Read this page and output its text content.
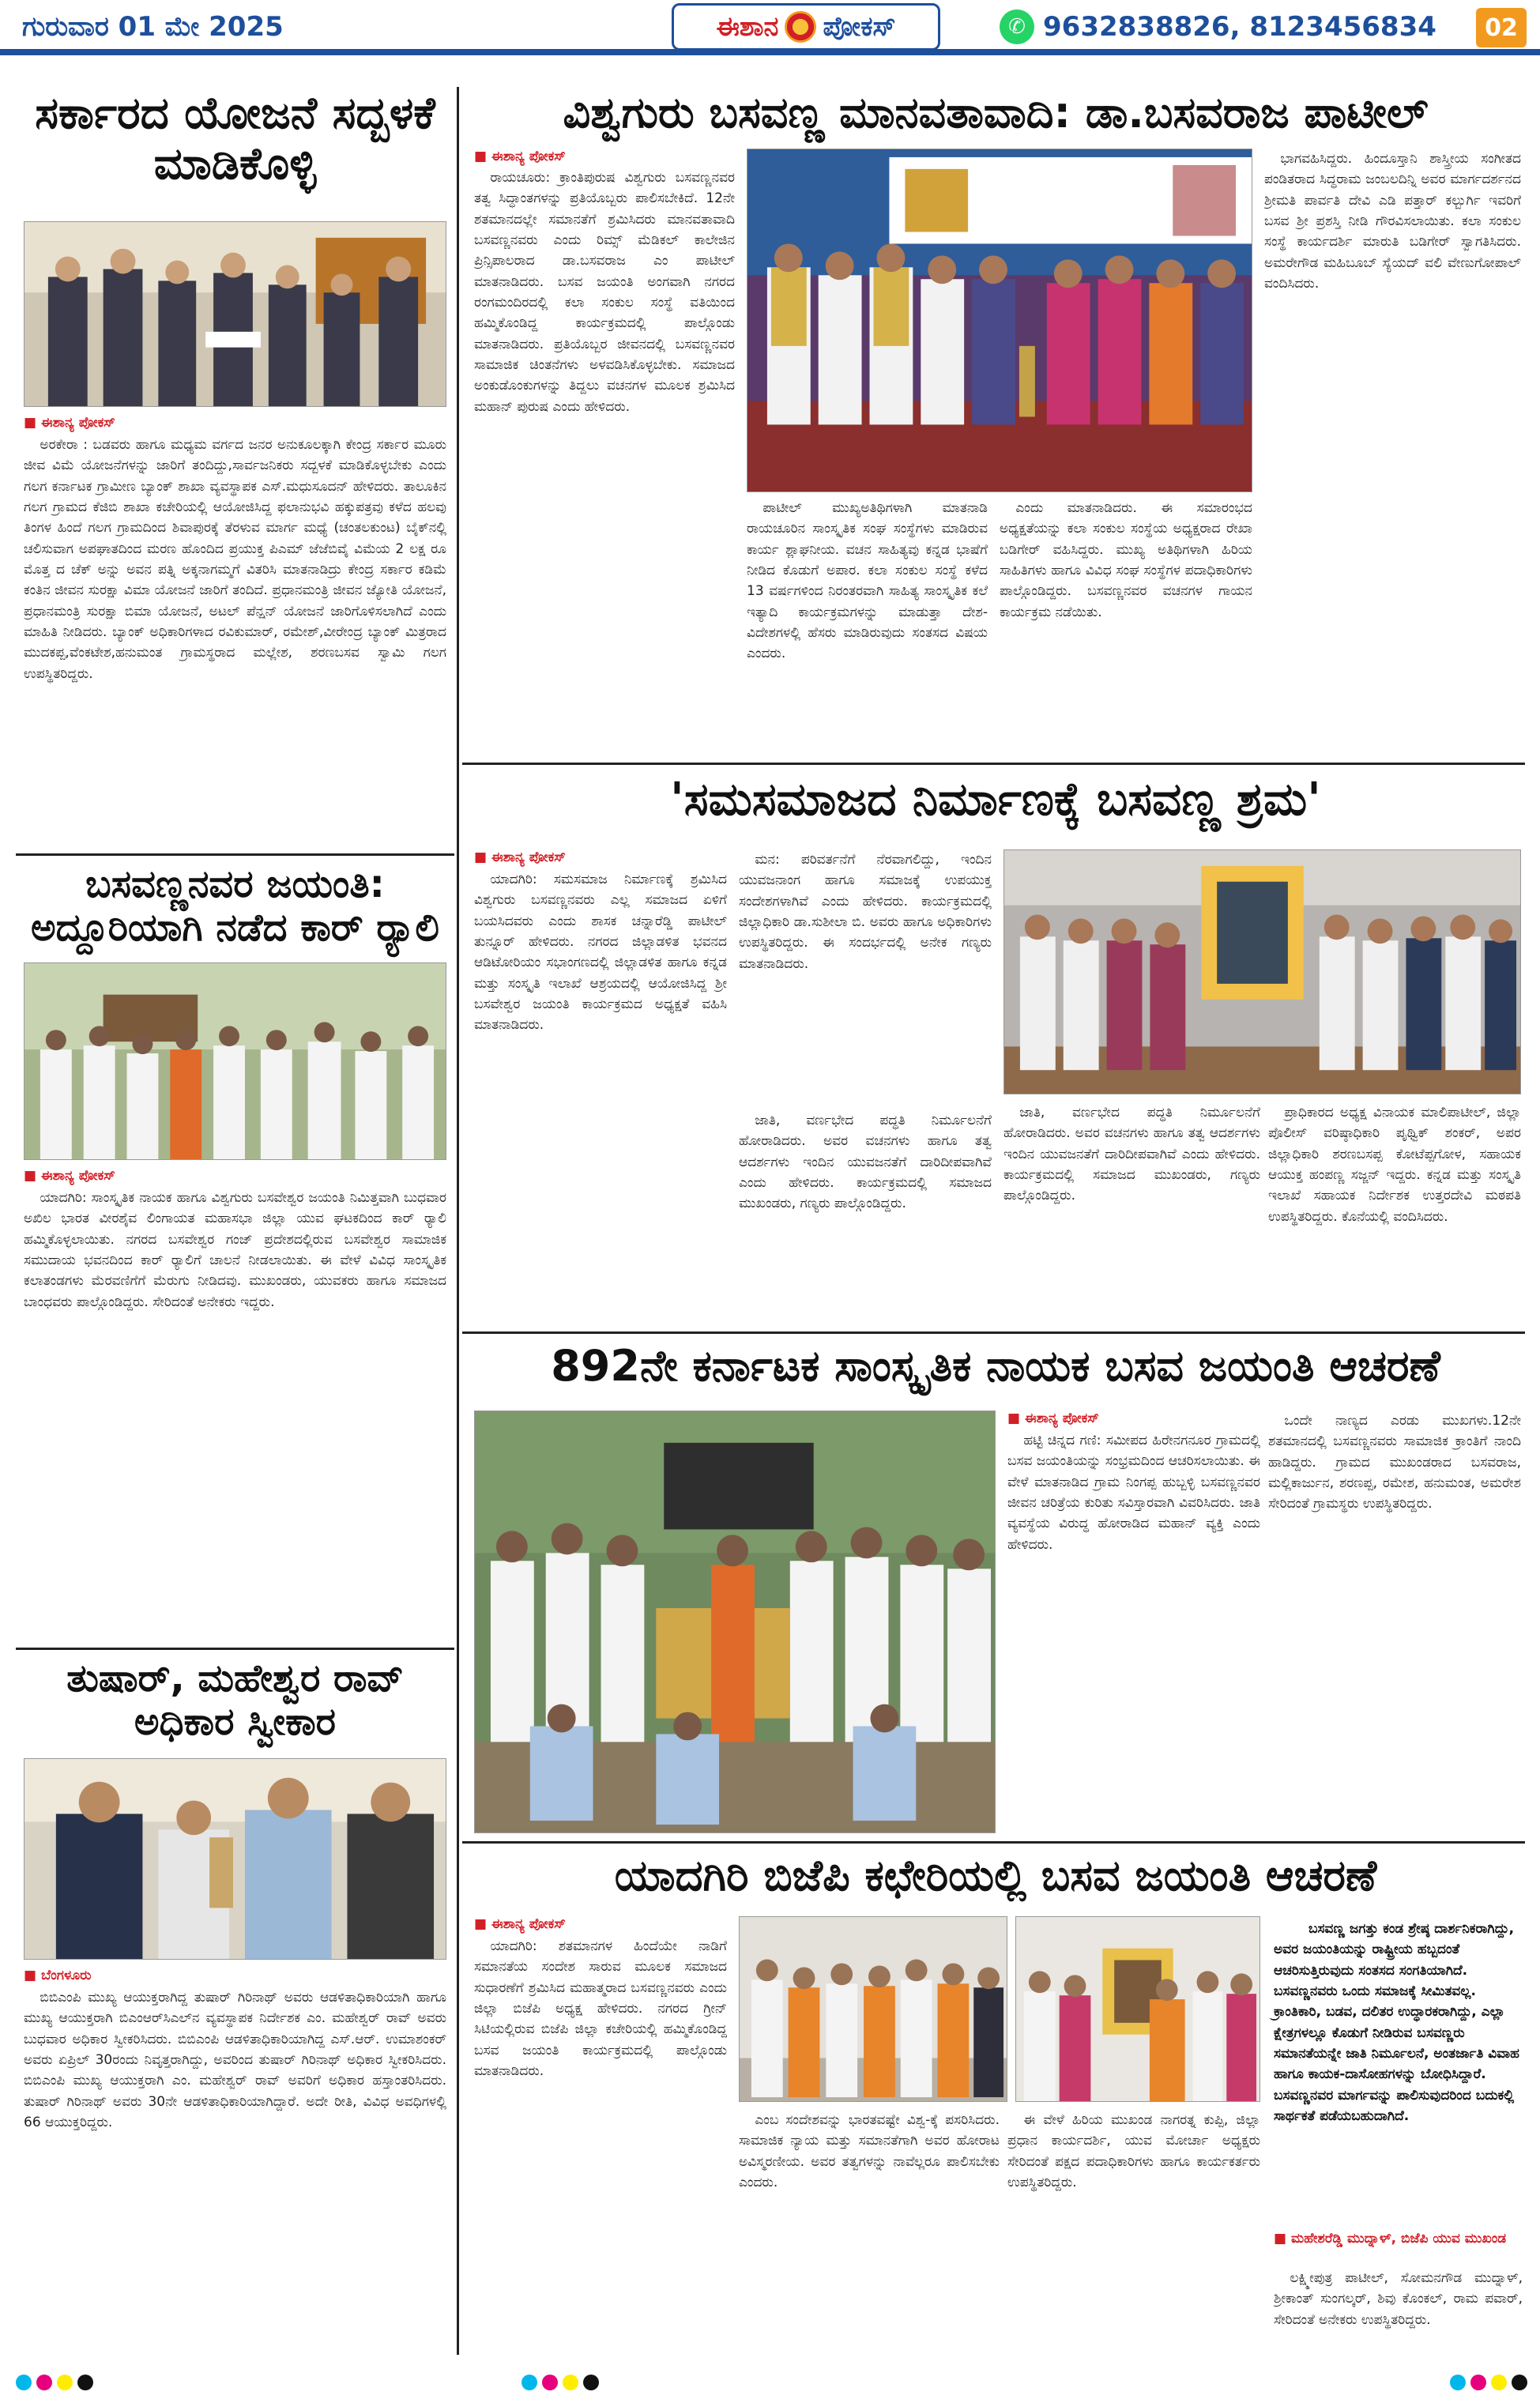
ಗುರುವಾರ 01 ಮೇ 2025	ಈಶಾನ ಪೋಕಸ್	✆ 9632838826, 8123456834	02
ಸರ್ಕಾರದ ಯೋಜನೆ ಸದ್ಬಳಕೆ ಮಾಡಿಕೊಳ್ಳಿ
■ ಈಶಾನ್ಯ ಪೋಕಸ್

ಅರಕೇರಾ : ಬಡವರು ಹಾಗೂ ಮಧ್ಯಮ ವರ್ಗದ ಜನರ ಅನುಕೂಲಕ್ಕಾಗಿ ಕೇಂದ್ರ ಸರ್ಕಾರ ಮೂರು ಜೀವ ವಿಮೆ ಯೋಜನೆಗಳನ್ನು ಜಾರಿಗೆ ತಂದಿದ್ದು,ಸಾರ್ವಜನಿಕರು ಸದ್ಬಳಕೆ ಮಾಡಿಕೊಳ್ಳಬೇಕು ಎಂದು ಗಲಗ ಕರ್ನಾಟಕ ಗ್ರಾಮೀಣ ಬ್ಯಾಂಕ್ ಶಾಖಾ ವ್ಯವಸ್ಥಾಪಕ ಎಸ್.ಮಧುಸೂದನ್ ಹೇಳಿದರು. ತಾಲೂಕಿನ ಗಲಗ ಗ್ರಾಮದ ಕೆಜಿಬಿ ಶಾಖಾ ಕಚೇರಿಯಲ್ಲಿ ಆಯೋಜಿಸಿದ್ದ ಫಲಾನುಭವಿ ಹಕ್ಕುಪತ್ರವು ಕಳೆದ ಹಲವು ತಿಂಗಳ ಹಿಂದೆ ಗಲಗ ಗ್ರಾಮದಿಂದ ಶಿವಾಪುರಕ್ಕೆ ತೆರಳುವ ಮಾರ್ಗ ಮಧ್ಯೆ (ಚಂತಲಕುಂಟ) ಬೈಕ್‌ನಲ್ಲಿ ಚಲಿಸುವಾಗ ಅಪಘಾತದಿಂದ ಮರಣ ಹೊಂದಿದ ಪ್ರಯುಕ್ತ ಪಿಎಮ್ ಜೆಜೆಬಿವೈ ವಿಮೆಯ 2 ಲಕ್ಷ ರೂ ಮೊತ್ತ ದ ಚೆಕ್ ಅನ್ನು ಅವನ ಪತ್ನಿ ಅಕ್ಕನಾಗಮ್ಮಗೆ ವಿತರಿಸಿ ಮಾತನಾಡಿದ್ರು ಕೇಂದ್ರ ಸರ್ಕಾರ ಕಡಿಮೆ ಕಂತಿನ ಜೀವನ ಸುರಕ್ಷಾ ವಿಮಾ ಯೋಜನೆ ಜಾರಿಗೆ ತಂದಿದೆ. ಪ್ರಧಾನಮಂತ್ರಿ ಜೀವನ ಜ್ಯೋತಿ ಯೋಜನೆ, ಪ್ರಧಾನಮಂತ್ರಿ ಸುರಕ್ಷಾ ಬಿಮಾ ಯೋಜನೆ, ಅಟಲ್ ಪೆನ್ಷನ್ ಯೋಜನೆ ಜಾರಿಗೊಳಿಸಲಾಗಿದೆ ಎಂದು ಮಾಹಿತಿ ನೀಡಿದರು. ಬ್ಯಾಂಕ್ ಅಧಿಕಾರಿಗಳಾದ ರವಿಕುಮಾರ್, ರಮೇಶ್,ವೀರೇಂದ್ರ ಬ್ಯಾಂಕ್ ಮಿತ್ರರಾದ ಮುದಕಪ್ಪ,ವೆಂಕಟೇಶ,ಹನುಮಂತ ಗ್ರಾಮಸ್ಥರಾದ ಮಲ್ಲೇಶ, ಶರಣಬಸವ ಸ್ವಾಮಿ ಗಲಗ ಉಪಸ್ಥಿತರಿದ್ದರು.

ಬಸವಣ್ಣನವರ ಜಯಂತಿ: ಅದ್ದೂರಿಯಾಗಿ ನಡೆದ ಕಾರ್ ರ‍್ಯಾಲಿ
■ ಈಶಾನ್ಯ ಪೋಕಸ್

ಯಾದಗಿರಿ: ಸಾಂಸ್ಕೃತಿಕ ನಾಯಕ ಹಾಗೂ ವಿಶ್ವಗುರು ಬಸವೇಶ್ವರ ಜಯಂತಿ ನಿಮಿತ್ತವಾಗಿ ಬುಧವಾರ ಅಖಿಲ ಭಾರತ ವೀರಶೈವ ಲಿಂಗಾಯತ ಮಹಾಸಭಾ ಜಿಲ್ಲಾ ಯುವ ಘಟಕದಿಂದ ಕಾರ್ ರ‍್ಯಾಲಿ ಹಮ್ಮಿಕೊಳ್ಳಲಾಯಿತು. ನಗರದ ಬಸವೇಶ್ವರ ಗಂಜ್ ಪ್ರದೇಶದಲ್ಲಿರುವ ಬಸವೇಶ್ವರ ಸಾಮಾಜಿಕ ಸಮುದಾಯ ಭವನದಿಂದ ಕಾರ್ ರ‍್ಯಾಲಿಗೆ ಚಾಲನೆ ನೀಡಲಾಯಿತು. ಈ ವೇಳೆ ವಿವಿಧ ಸಾಂಸ್ಕೃತಿಕ ಕಲಾತಂಡಗಳು ಮೆರವಣಿಗೆಗೆ ಮೆರುಗು ನೀಡಿದವು. ಮುಖಂಡರು, ಯುವಕರು ಹಾಗೂ ಸಮಾಜದ ಬಾಂಧವರು ಪಾಲ್ಗೊಂಡಿದ್ದರು. ಸೇರಿದಂತೆ ಅನೇಕರು ಇದ್ದರು.

ತುಷಾರ್, ಮಹೇಶ್ವರ ರಾವ್ ಅಧಿಕಾರ ಸ್ವೀಕಾರ
■ ಬೆಂಗಳೂರು

ಬಿಬಿಎಂಪಿ ಮುಖ್ಯ ಆಯುಕ್ತರಾಗಿದ್ದ ತುಷಾರ್ ಗಿರಿನಾಥ್ ಅವರು ಆಡಳಿತಾಧಿಕಾರಿಯಾಗಿ ಹಾಗೂ ಮುಖ್ಯ ಆಯುಕ್ತರಾಗಿ ಬಿಎಂಆರ್‌ಸಿಎಲ್‌ನ ವ್ಯವಸ್ಥಾಪಕ ನಿರ್ದೇಶಕ ಎಂ. ಮಹೇಶ್ವರ್ ರಾವ್ ಅವರು ಬುಧವಾರ ಅಧಿಕಾರ ಸ್ವೀಕರಿಸಿದರು. ಬಿಬಿಎಂಪಿ ಆಡಳಿತಾಧಿಕಾರಿಯಾಗಿದ್ದ ಎಸ್.ಆರ್. ಉಮಾಶಂಕರ್ ಅವರು ಏಪ್ರಿಲ್ 30ರಂದು ನಿವೃತ್ತರಾಗಿದ್ದು, ಅವರಿಂದ ತುಷಾರ್ ಗಿರಿನಾಥ್ ಅಧಿಕಾರ ಸ್ವೀಕರಿಸಿದರು. ಬಿಬಿಎಂಪಿ ಮುಖ್ಯ ಆಯುಕ್ತರಾಗಿ ಎಂ. ಮಹೇಶ್ವರ್ ರಾವ್ ಅವರಿಗೆ ಅಧಿಕಾರ ಹಸ್ತಾಂತರಿಸಿದರು. ತುಷಾರ್ ಗಿರಿನಾಥ್ ಅವರು 30ನೇ ಆಡಳಿತಾಧಿಕಾರಿಯಾಗಿದ್ದಾರೆ. ಅದೇ ರೀತಿ, ವಿವಿಧ ಅವಧಿಗಳಲ್ಲಿ 66 ಆಯುಕ್ತರಿದ್ದರು.

ವಿಶ್ವಗುರು ಬಸವಣ್ಣ ಮಾನವತಾವಾದಿ: ಡಾ.ಬಸವರಾಜ ಪಾಟೀಲ್
■ ಈಶಾನ್ಯ ಪೋಕಸ್

ರಾಯಚೂರು: ಕ್ರಾಂತಿಪುರುಷ ವಿಶ್ವಗುರು ಬಸವಣ್ಣನವರ ತತ್ವ ಸಿದ್ಧಾಂತಗಳನ್ನು ಪ್ರತಿಯೊಬ್ಬರು ಪಾಲಿಸಬೇಕಿದೆ. 12ನೇ ಶತಮಾನದಲ್ಲೇ ಸಮಾನತೆಗೆ ಶ್ರಮಿಸಿದರು ಮಾನವತಾವಾದಿ ಬಸವಣ್ಣನವರು ಎಂದು ರಿಮ್ಸ್ ಮೆಡಿಕಲ್ ಕಾಲೇಜಿನ ಪ್ರಿನ್ಸಿಪಾಲರಾದ ಡಾ.ಬಸವರಾಜ ಎಂ ಪಾಟೀಲ್ ಮಾತನಾಡಿದರು. ಬಸವ ಜಯಂತಿ ಅಂಗವಾಗಿ ನಗರದ ರಂಗಮಂದಿರದಲ್ಲಿ ಕಲಾ ಸಂಕುಲ ಸಂಸ್ಥೆ ವತಿಯಿಂದ ಹಮ್ಮಿಕೊಂಡಿದ್ದ ಕಾರ್ಯಕ್ರಮದಲ್ಲಿ ಪಾಲ್ಗೊಂಡು ಮಾತನಾಡಿದರು. ಪ್ರತಿಯೊಬ್ಬರ ಜೀವನದಲ್ಲಿ ಬಸವಣ್ಣನವರ ಸಾಮಾಜಿಕ ಚಿಂತನೆಗಳು ಅಳವಡಿಸಿಕೊಳ್ಳಬೇಕು. ಸಮಾಜದ ಅಂಕುಡೊಂಕುಗಳನ್ನು ತಿದ್ದಲು ವಚನಗಳ ಮೂಲಕ ಶ್ರಮಿಸಿದ ಮಹಾನ್ ಪುರುಷ ಎಂದು ಹೇಳಿದರು.

ಪಾಟೀಲ್ ಮುಖ್ಯಅತಿಥಿಗಳಾಗಿ ಮಾತನಾಡಿ ರಾಯಚೂರಿನ ಸಾಂಸ್ಕೃತಿಕ ಸಂಘ ಸಂಸ್ಥೆಗಳು ಮಾಡಿರುವ ಕಾರ್ಯ ಶ್ಲಾಘನೀಯ. ವಚನ ಸಾಹಿತ್ಯವು ಕನ್ನಡ ಭಾಷೆಗೆ ನೀಡಿದ ಕೊಡುಗೆ ಅಪಾರ. ಕಲಾ ಸಂಕುಲ ಸಂಸ್ಥೆ ಕಳೆದ 13 ವರ್ಷಗಳಿಂದ ನಿರಂತರವಾಗಿ ಸಾಹಿತ್ಯ ಸಾಂಸ್ಕೃತಿಕ ಕಲೆ ಇತ್ಯಾದಿ ಕಾರ್ಯಕ್ರಮಗಳನ್ನು ಮಾಡುತ್ತಾ ದೇಶ-ವಿದೇಶಗಳಲ್ಲಿ ಹೆಸರು ಮಾಡಿರುವುದು ಸಂತಸದ ವಿಷಯ ಎಂದರು.

ಎಂದು ಮಾತನಾಡಿದರು. ಈ ಸಮಾರಂಭದ ಅಧ್ಯಕ್ಷತೆಯನ್ನು ಕಲಾ ಸಂಕುಲ ಸಂಸ್ಥೆಯ ಅಧ್ಯಕ್ಷರಾದ ರೇಖಾ ಬಡಿಗೇರ್ ವಹಿಸಿದ್ದರು. ಮುಖ್ಯ ಅತಿಥಿಗಳಾಗಿ ಹಿರಿಯ ಸಾಹಿತಿಗಳು ಹಾಗೂ ವಿವಿಧ ಸಂಘ ಸಂಸ್ಥೆಗಳ ಪದಾಧಿಕಾರಿಗಳು ಪಾಲ್ಗೊಂಡಿದ್ದರು. ಬಸವಣ್ಣನವರ ವಚನಗಳ ಗಾಯನ ಕಾರ್ಯಕ್ರಮ ನಡೆಯಿತು.

ಭಾಗವಹಿಸಿದ್ದರು. ಹಿಂದೂಸ್ತಾನಿ ಶಾಸ್ತ್ರೀಯ ಸಂಗೀತದ ಪಂಡಿತರಾದ ಸಿದ್ಧರಾಮ ಜಂಬಲದಿನ್ನಿ ಅವರ ಮಾರ್ಗದರ್ಶನದ ಶ್ರೀಮತಿ ಪಾರ್ವತಿ ದೇವಿ ಎಡಿ ಪತ್ತಾರ್ ಕಲ್ಬುರ್ಗಿ ಇವರಿಗೆ ಬಸವ ಶ್ರೀ ಪ್ರಶಸ್ತಿ ನೀಡಿ ಗೌರವಿಸಲಾಯಿತು. ಕಲಾ ಸಂಕುಲ ಸಂಸ್ಥೆ ಕಾರ್ಯದರ್ಶಿ ಮಾರುತಿ ಬಡಿಗೇರ್ ಸ್ವಾಗತಿಸಿದರು. ಅಮರೇಗೌಡ ಮಹಿಬೂಬ್ ಸ್ಯೆಯದ್ ವಲಿ ವೇಣುಗೋಪಾಲ್ ವಂದಿಸಿದರು.

'ಸಮಸಮಾಜದ ನಿರ್ಮಾಣಕ್ಕೆ ಬಸವಣ್ಣ ಶ್ರಮ'
■ ಈಶಾನ್ಯ ಪೋಕಸ್

ಯಾದಗಿರಿ: ಸಮಸಮಾಜ ನಿರ್ಮಾಣಕ್ಕೆ ಶ್ರಮಿಸಿದ ವಿಶ್ವಗುರು ಬಸವಣ್ಣನವರು ಎಲ್ಲ ಸಮಾಜದ ಏಳಿಗೆ ಬಯಸಿದವರು ಎಂದು ಶಾಸಕ ಚನ್ನಾರೆಡ್ಡಿ ಪಾಟೀಲ್ ತುನ್ನೂರ್ ಹೇಳಿದರು. ನಗರದ ಜಿಲ್ಲಾಡಳಿತ ಭವನದ ಆಡಿಟೋರಿಯಂ ಸಭಾಂಗಣದಲ್ಲಿ ಜಿಲ್ಲಾಡಳಿತ ಹಾಗೂ ಕನ್ನಡ ಮತ್ತು ಸಂಸ್ಕೃತಿ ಇಲಾಖೆ ಆಶ್ರಯದಲ್ಲಿ ಆಯೋಜಿಸಿದ್ದ ಶ್ರೀ ಬಸವೇಶ್ವರ ಜಯಂತಿ ಕಾರ್ಯಕ್ರಮದ ಅಧ್ಯಕ್ಷತೆ ವಹಿಸಿ ಮಾತನಾಡಿದರು.

ಮನ: ಪರಿವರ್ತನೆಗೆ ನೆರವಾಗಲಿದ್ದು, ಇಂದಿನ ಯುವಜನಾಂಗ ಹಾಗೂ ಸಮಾಜಕ್ಕೆ ಉಪಯುಕ್ತ ಸಂದೇಶಗಳಾಗಿವೆ ಎಂದು ಹೇಳಿದರು. ಕಾರ್ಯಕ್ರಮದಲ್ಲಿ ಜಿಲ್ಲಾಧಿಕಾರಿ ಡಾ.ಸುಶೀಲಾ ಬಿ. ಅವರು ಹಾಗೂ ಅಧಿಕಾರಿಗಳು ಉಪಸ್ಥಿತರಿದ್ದರು. ಈ ಸಂದರ್ಭದಲ್ಲಿ ಅನೇಕ ಗಣ್ಯರು ಮಾತನಾಡಿದರು.

ಜಾತಿ, ವರ್ಣಭೇದ ಪದ್ಧತಿ ನಿರ್ಮೂಲನೆಗೆ ಹೋರಾಡಿದರು. ಅವರ ವಚನಗಳು ಹಾಗೂ ತತ್ವ ಆದರ್ಶಗಳು ಇಂದಿನ ಯುವಜನತೆಗೆ ದಾರಿದೀಪವಾಗಿವೆ ಎಂದು ಹೇಳಿದರು. ಕಾರ್ಯಕ್ರಮದಲ್ಲಿ ಸಮಾಜದ ಮುಖಂಡರು, ಗಣ್ಯರು ಪಾಲ್ಗೊಂಡಿದ್ದರು.

ಜಾತಿ, ವರ್ಣಭೇದ ಪದ್ಧತಿ ನಿರ್ಮೂಲನೆಗೆ ಹೋರಾಡಿದರು. ಅವರ ವಚನಗಳು ಹಾಗೂ ತತ್ವ ಆದರ್ಶಗಳು ಇಂದಿನ ಯುವಜನತೆಗೆ ದಾರಿದೀಪವಾಗಿವೆ ಎಂದು ಹೇಳಿದರು. ಕಾರ್ಯಕ್ರಮದಲ್ಲಿ ಸಮಾಜದ ಮುಖಂಡರು, ಗಣ್ಯರು ಪಾಲ್ಗೊಂಡಿದ್ದರು.

ಪ್ರಾಧಿಕಾರದ ಅಧ್ಯಕ್ಷ ವಿನಾಯಕ ಮಾಲಿಪಾಟೀಲ್, ಜಿಲ್ಲಾ ಪೊಲೀಸ್ ವರಿಷ್ಠಾಧಿಕಾರಿ ಪೃಥ್ವಿಕ್ ಶಂಕರ್, ಅಪರ ಜಿಲ್ಲಾಧಿಕಾರಿ ಶರಣಬಸಪ್ಪ ಕೋಟೆಪ್ಪಗೋಳ, ಸಹಾಯಕ ಆಯುಕ್ತ ಹಂಪಣ್ಣ ಸಜ್ಜನ್ ಇದ್ದರು. ಕನ್ನಡ ಮತ್ತು ಸಂಸ್ಕೃತಿ ಇಲಾಖೆ ಸಹಾಯಕ ನಿರ್ದೇಶಕ ಉತ್ತರದೇವಿ ಮಠಪತಿ ಉಪಸ್ಥಿತರಿದ್ದರು. ಕೊನೆಯಲ್ಲಿ ವಂದಿಸಿದರು.

892ನೇ ಕರ್ನಾಟಕ ಸಾಂಸ್ಕೃತಿಕ ನಾಯಕ ಬಸವ ಜಯಂತಿ ಆಚರಣೆ
■ ಈಶಾನ್ಯ ಪೋಕಸ್

ಹಟ್ಟಿ ಚಿನ್ನದ ಗಣಿ: ಸಮೀಪದ ಹಿರೇನಗನೂರ ಗ್ರಾಮದಲ್ಲಿ ಬಸವ ಜಯಂತಿಯನ್ನು ಸಂಭ್ರಮದಿಂದ ಆಚರಿಸಲಾಯಿತು. ಈ ವೇಳೆ ಮಾತನಾಡಿದ ಗ್ರಾಮ ನಿಂಗಪ್ಪ ಹುಬ್ಬಳ್ಳಿ ಬಸವಣ್ಣನವರ ಜೀವನ ಚರಿತ್ರೆಯ ಕುರಿತು ಸವಿಸ್ತಾರವಾಗಿ ವಿವರಿಸಿದರು. ಜಾತಿ ವ್ಯವಸ್ಥೆಯ ವಿರುದ್ಧ ಹೋರಾಡಿದ ಮಹಾನ್ ವ್ಯಕ್ತಿ ಎಂದು ಹೇಳಿದರು.

ಒಂದೇ ನಾಣ್ಯದ ಎರಡು ಮುಖಗಳು.12ನೇ ಶತಮಾನದಲ್ಲಿ ಬಸವಣ್ಣನವರು ಸಾಮಾಜಿಕ ಕ್ರಾಂತಿಗೆ ನಾಂದಿ ಹಾಡಿದ್ದರು. ಗ್ರಾಮದ ಮುಖಂಡರಾದ ಬಸವರಾಜ, ಮಲ್ಲಿಕಾರ್ಜುನ, ಶರಣಪ್ಪ, ರಮೇಶ, ಹನುಮಂತ, ಅಮರೇಶ ಸೇರಿದಂತೆ ಗ್ರಾಮಸ್ಥರು ಉಪಸ್ಥಿತರಿದ್ದರು.

ಯಾದಗಿರಿ ಬಿಜೆಪಿ ಕಛೇರಿಯಲ್ಲಿ ಬಸವ ಜಯಂತಿ ಆಚರಣೆ
■ ಈಶಾನ್ಯ ಪೋಕಸ್

ಯಾದಗಿರಿ: ಶತಮಾನಗಳ ಹಿಂದೆಯೇ ನಾಡಿಗೆ ಸಮಾನತೆಯ ಸಂದೇಶ ಸಾರುವ ಮೂಲಕ ಸಮಾಜದ ಸುಧಾರಣೆಗೆ ಶ್ರಮಿಸಿದ ಮಹಾತ್ಮರಾದ ಬಸವಣ್ಣನವರು ಎಂದು ಜಿಲ್ಲಾ ಬಿಜೆಪಿ ಅಧ್ಯಕ್ಷ ಹೇಳಿದರು. ನಗರದ ಗ್ರೀನ್ ಸಿಟಿಯಲ್ಲಿರುವ ಬಿಜೆಪಿ ಜಿಲ್ಲಾ ಕಚೇರಿಯಲ್ಲಿ ಹಮ್ಮಿಕೊಂಡಿದ್ದ ಬಸವ ಜಯಂತಿ ಕಾರ್ಯಕ್ರಮದಲ್ಲಿ ಪಾಲ್ಗೊಂಡು ಮಾತನಾಡಿದರು.

ಎಂಬ ಸಂದೇಶವನ್ನು ಭಾರತವಷ್ಟೇ ವಿಶ್ವ-ಕ್ಕೆ ಪಸರಿಸಿದರು. ಸಾಮಾಜಿಕ ನ್ಯಾಯ ಮತ್ತು ಸಮಾನತೆಗಾಗಿ ಅವರ ಹೋರಾಟ ಅವಿಸ್ಮರಣೀಯ. ಅವರ ತತ್ವಗಳನ್ನು ನಾವೆಲ್ಲರೂ ಪಾಲಿಸಬೇಕು ಎಂದರು.

ಈ ವೇಳೆ ಹಿರಿಯ ಮುಖಂಡ ನಾಗರತ್ನ ಕುಪ್ಪಿ, ಜಿಲ್ಲಾ ಪ್ರಧಾನ ಕಾರ್ಯದರ್ಶಿ, ಯುವ ಮೋರ್ಚಾ ಅಧ್ಯಕ್ಷರು ಸೇರಿದಂತೆ ಪಕ್ಷದ ಪದಾಧಿಕಾರಿಗಳು ಹಾಗೂ ಕಾರ್ಯಕರ್ತರು ಉಪಸ್ಥಿತರಿದ್ದರು.

ಬಸವಣ್ಣ ಜಗತ್ತು ಕಂಡ ಶ್ರೇಷ್ಠ ದಾರ್ಶನಿಕರಾಗಿದ್ದು, ಅವರ ಜಯಂತಿಯನ್ನು ರಾಷ್ಟ್ರೀಯ ಹಬ್ಬದಂತೆ ಆಚರಿಸುತ್ತಿರುವುದು ಸಂತಸದ ಸಂಗತಿಯಾಗಿದೆ. ಬಸವಣ್ಣನವರು ಒಂದು ಸಮಾಜಕ್ಕೆ ಸೀಮಿತವಲ್ಲ. ಕ್ರಾಂತಿಕಾರಿ, ಬಡವ, ದಲಿತರ ಉದ್ಧಾರಕರಾಗಿದ್ದು, ಎಲ್ಲಾ ಕ್ಷೇತ್ರಗಳಲ್ಲೂ ಕೊಡುಗೆ ನೀಡಿರುವ ಬಸವಣ್ಣರು ಸಮಾನತೆಯನ್ನೇ ಜಾತಿ ನಿರ್ಮೂಲನೆ, ಅಂತರ್ಜಾತಿ ವಿವಾಹ ಹಾಗೂ ಕಾಯಕ-ದಾಸೋಹಗಳನ್ನು ಬೋಧಿಸಿದ್ದಾರೆ. ಬಸವಣ್ಣನವರ ಮಾರ್ಗವನ್ನು ಪಾಲಿಸುವುದರಿಂದ ಬದುಕಲ್ಲಿ ಸಾರ್ಥಕತೆ ಪಡೆಯಬಹುದಾಗಿದೆ.
■ ಮಹೇಶರೆಡ್ಡಿ ಮುದ್ನಾಳ್, ಬಿಜೆಪಿ ಯುವ ಮುಖಂಡ

ಲಕ್ಷ್ಮೀಪುತ್ರ ಪಾಟೀಲ್, ಸೋಮನಗೌಡ ಮುದ್ನಾಳ್, ಶ್ರೀಕಾಂತ್ ಸುಂಗಲ್ಕರ್, ಶಿವು ಕೊಂಕಲ್, ರಾಮ ಪವಾರ್, ಸೇರಿದಂತೆ ಅನೇಕರು ಉಪಸ್ಥಿತರಿದ್ದರು.
